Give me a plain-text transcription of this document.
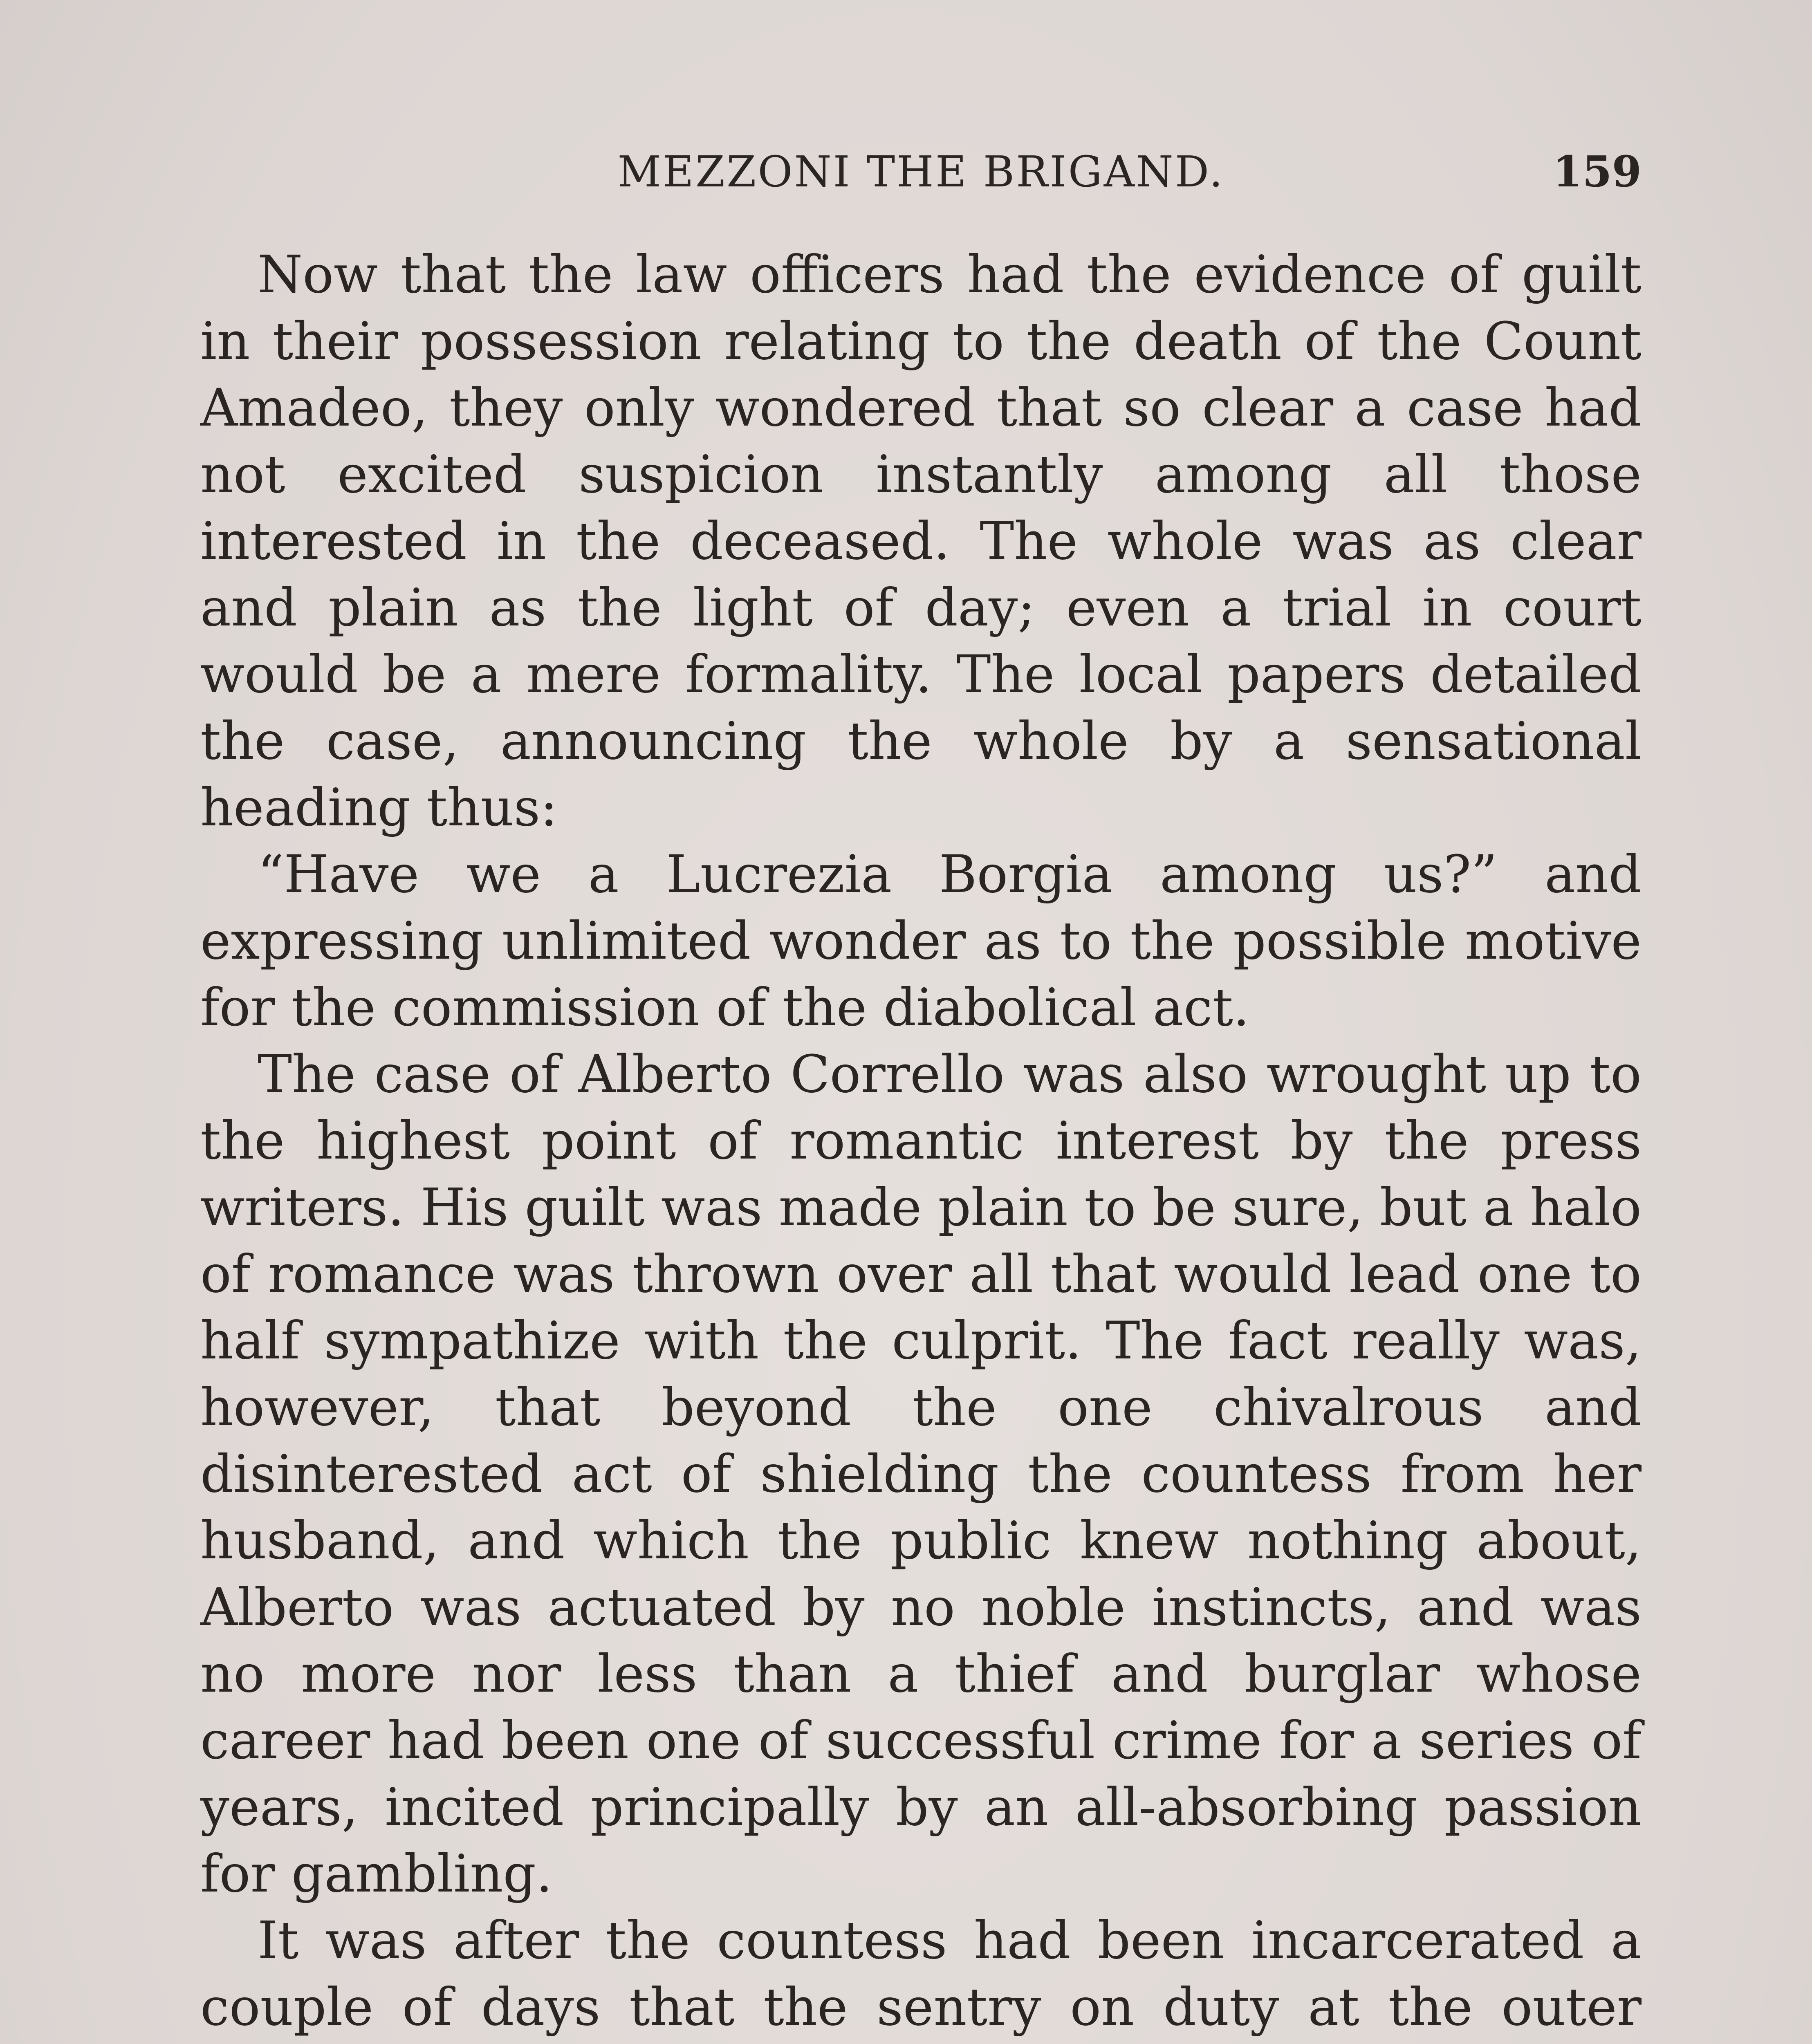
MEZZONI THE BRIGAND.	159

Now that the law officers had the evidence of guilt in their possession relating to the death of the Count Amadeo, they only wondered that so clear a case had not excited suspicion instantly among all those interested in the deceased. The whole was as clear and plain as the light of day; even a trial in court would be a mere formality. The local papers detailed the case, announcing the whole by a sensational heading thus:

“Have we a Lucrezia Borgia among us?” and expressing unlimited wonder as to the possible motive for the commission of the diabolical act.

The case of Alberto Corrello was also wrought up to the highest point of romantic interest by the press writers. His guilt was made plain to be sure, but a halo of romance was thrown over all that would lead one to half sympathize with the culprit. The fact really was, however, that beyond the one chivalrous and disinterested act of shielding the countess from her husband, and which the public knew nothing about, Alberto was actuated by no noble instincts, and was no more nor less than a thief and burglar whose career had been one of successful crime for a series of years, incited principally by an all-absorbing passion for gambling.

It was after the countess had been incarcerated a couple of days that the sentry on duty at the outer
